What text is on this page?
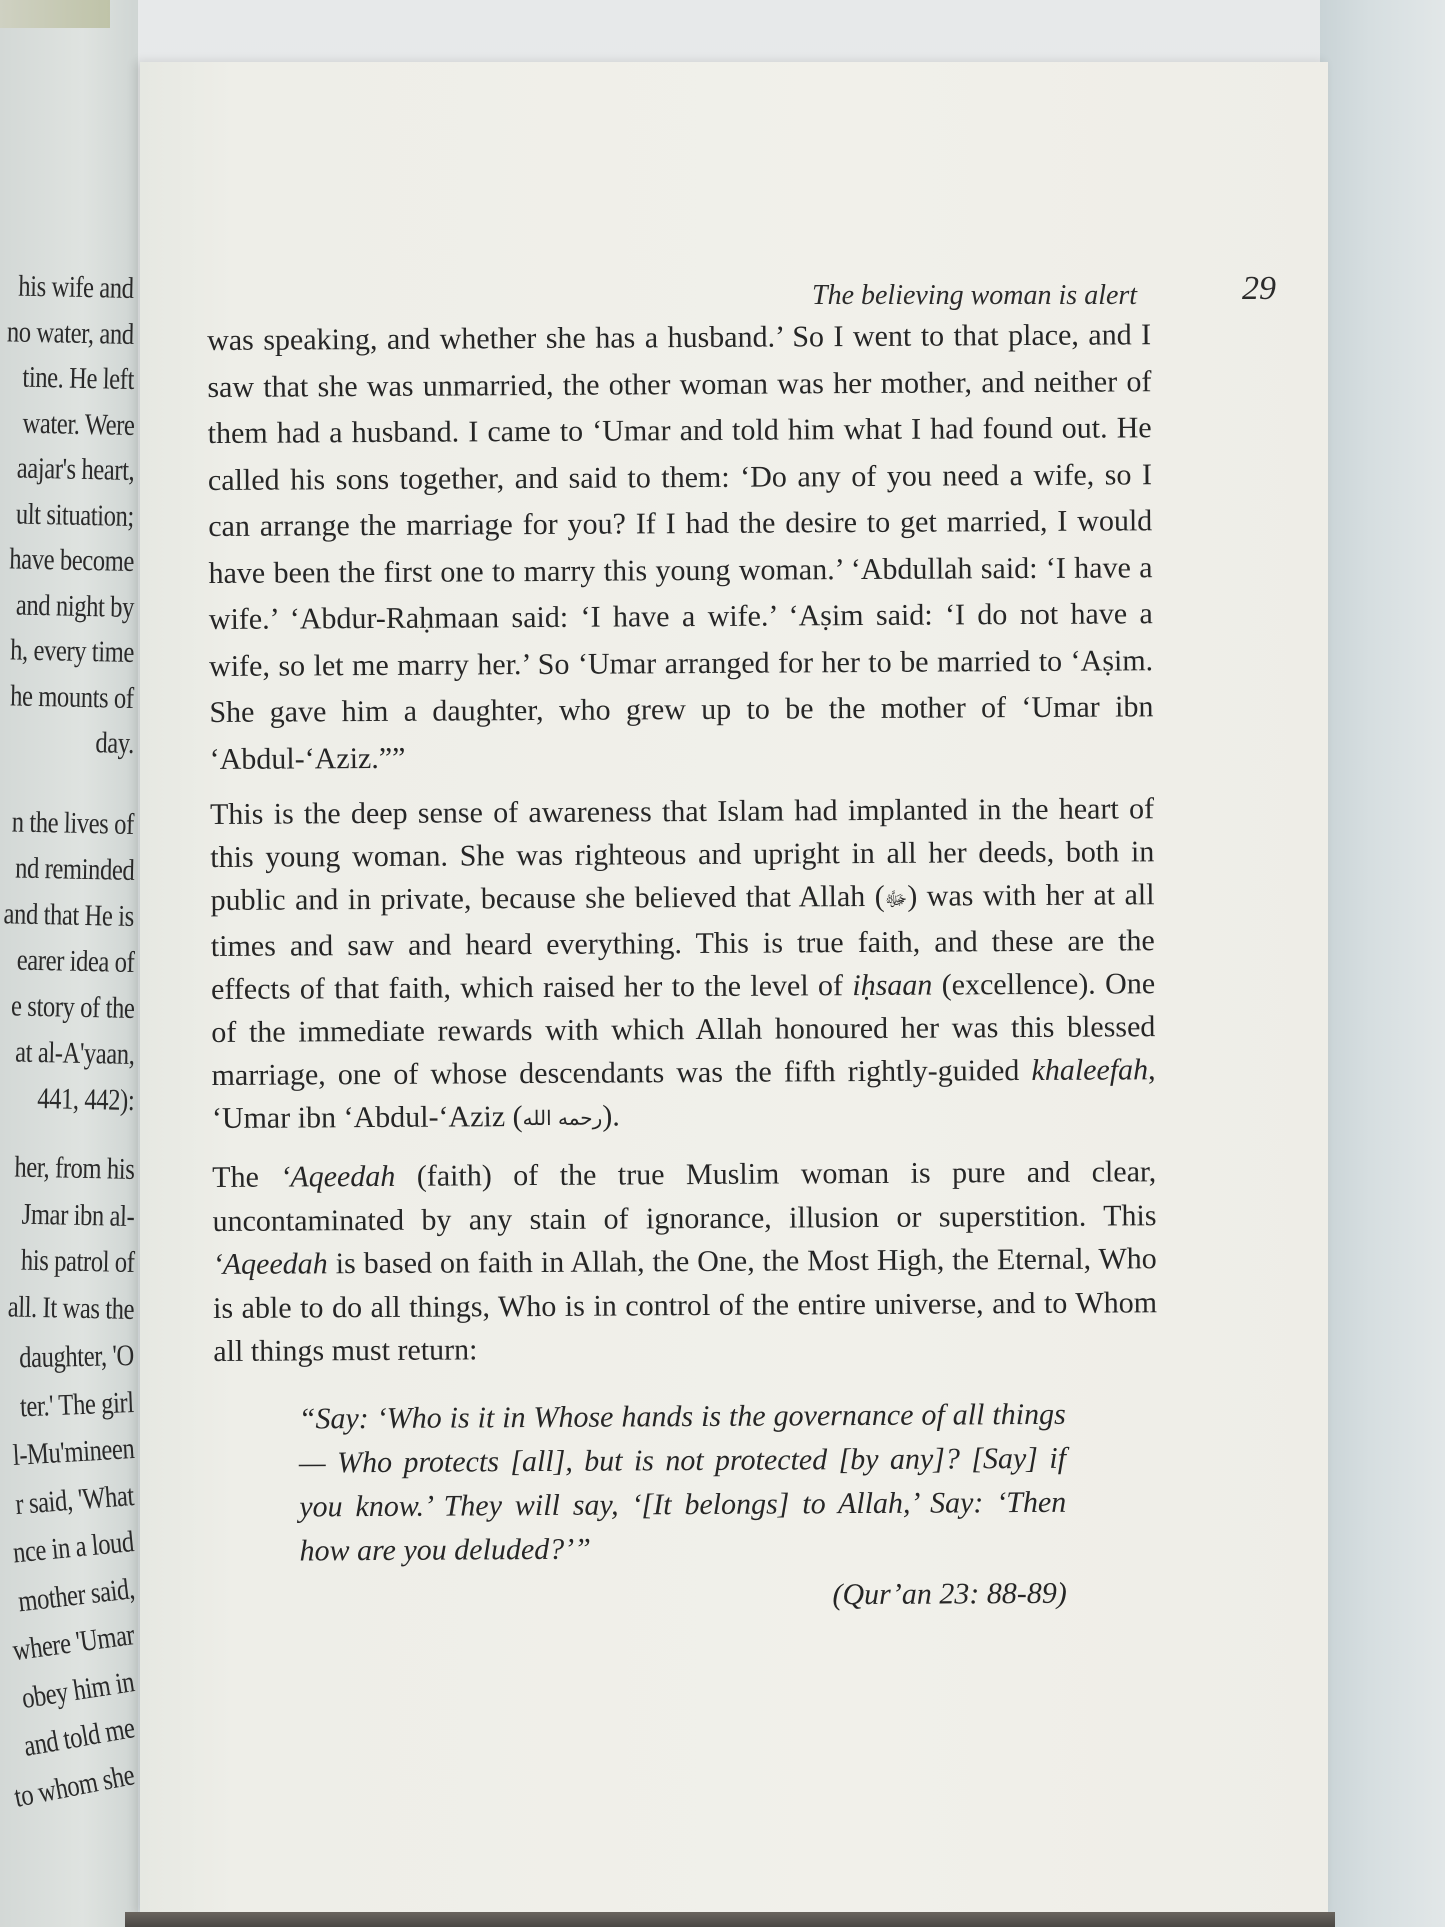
his wife and
no water, and
tine. He left
water. Were
aajar's heart,
ult situation;
have become
and night by
h, every time
he mounts of
day.
n the lives of
nd reminded
and that He is
earer idea of
e story of the
at al-A'yaan,
441, 442):
her, from his
Jmar ibn al-
his patrol of
all. It was the
daughter, 'O
ter.' The girl
l-Mu'mineen
r said, 'What
nce in a loud
mother said,
where 'Umar
obey him in
and told me
to whom she
The believing woman is alert	29

was speaking, and whether she has a husband.’ So I went to that place, and I saw that she was unmarried, the other woman was her mother, and neither of them had a husband. I came to ‘Umar and told him what I had found out. He called his sons together, and said to them: ‘Do any of you need a wife, so I can arrange the marriage for you? If I had the desire to get married, I would have been the first one to marry this young woman.’ ‘Abdullah said: ‘I have a wife.’ ‘Abdur-Raḥmaan said: ‘I have a wife.’ ‘Aṣim said: ‘I do not have a wife, so let me marry her.’ So ‘Umar arranged for her to be married to ‘Aṣim. She gave him a daughter, who grew up to be the mother of ‘Umar ibn ‘Abdul-‘Aziz.””

This is the deep sense of awareness that Islam had implanted in the heart of this young woman. She was righteous and upright in all her deeds, both in public and in private, because she believed that Allah (ﷻ) was with her at all times and saw and heard everything. This is true faith, and these are the effects of that faith, which raised her to the level of iḥsaan (excellence). One of the immediate rewards with which Allah honoured her was this blessed marriage, one of whose descendants was the fifth rightly-guided khaleefah, ‘Umar ibn ‘Abdul-‘Aziz (رحمه الله).

The ‘Aqeedah (faith) of the true Muslim woman is pure and clear, uncontaminated by any stain of ignorance, illusion or superstition. This ‘Aqeedah is based on faith in Allah, the One, the Most High, the Eternal, Who is able to do all things, Who is in control of the entire universe, and to Whom all things must return:

“Say: ‘Who is it in Whose hands is the governance of all things — Who protects [all], but is not protected [by any]? [Say] if you know.’ They will say, ‘[It belongs] to Allah,’ Say: ‘Then how are you deluded?’”
(Qur’an 23: 88-89)
